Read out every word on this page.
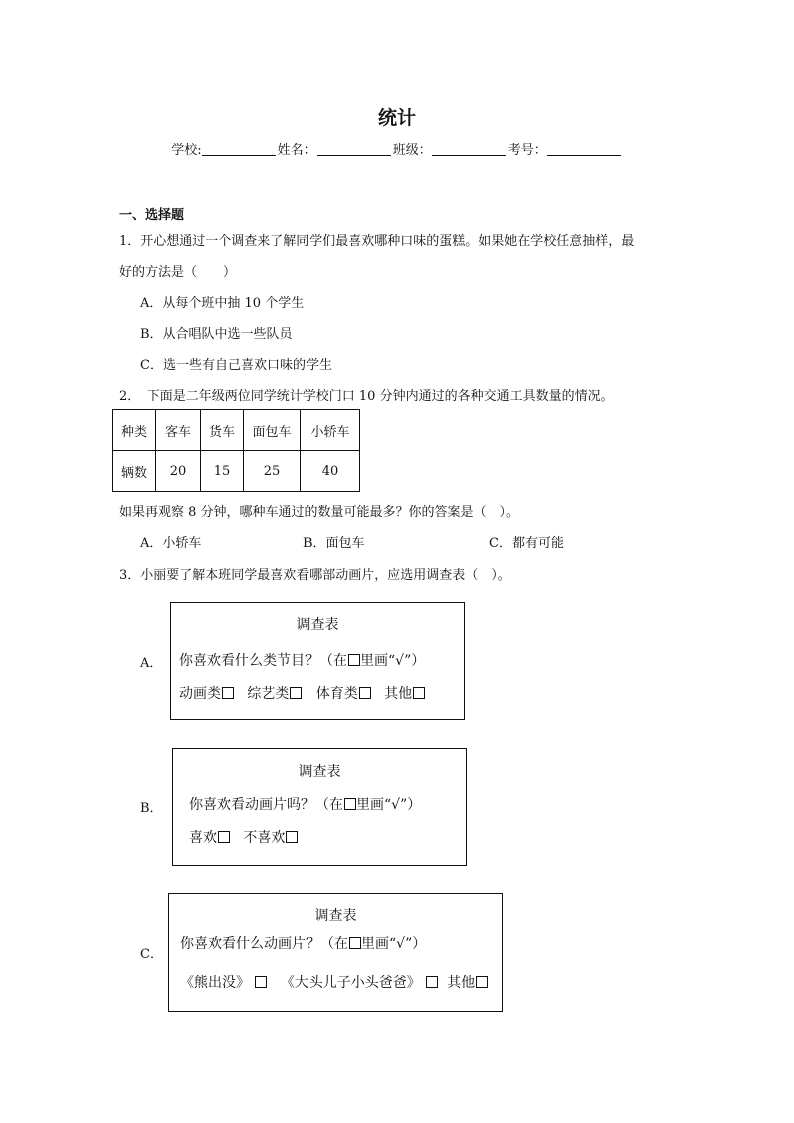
统计
学校:	姓名：	班级：	考号：
一、选择题
1．开心想通过一个调查来了解同学们最喜欢哪种口味的蛋糕。如果她在学校任意抽样，最
好的方法是（　　）
A．从每个班中抽 10 个学生
B．从合唱队中选一些队员
C．选一些有自己喜欢口味的学生
2．　下面是二年级两位同学统计学校门口 10 分钟内通过的各种交通工具数量的情况。
种类	客车	货车	面包车	小轿车
辆数	20	15	25	40
如果再观察 8 分钟，哪种车通过的数量可能最多？你的答案是（　）。
A．小轿车	B．面包车	C．都有可能
3．小丽要了解本班同学最喜欢看哪部动画片，应选用调查表（　）。
A．
调查表
你喜欢看什么类节目？（在 里画“√”）
动画类 综艺类 体育类 其他
B．
调查表
你喜欢看动画片吗？（在 里画“√”）
喜欢 不喜欢
C．
调查表
你喜欢看什么动画片？（在 里画“√”）
《熊出没》 《大头儿子小头爸爸》 其他
